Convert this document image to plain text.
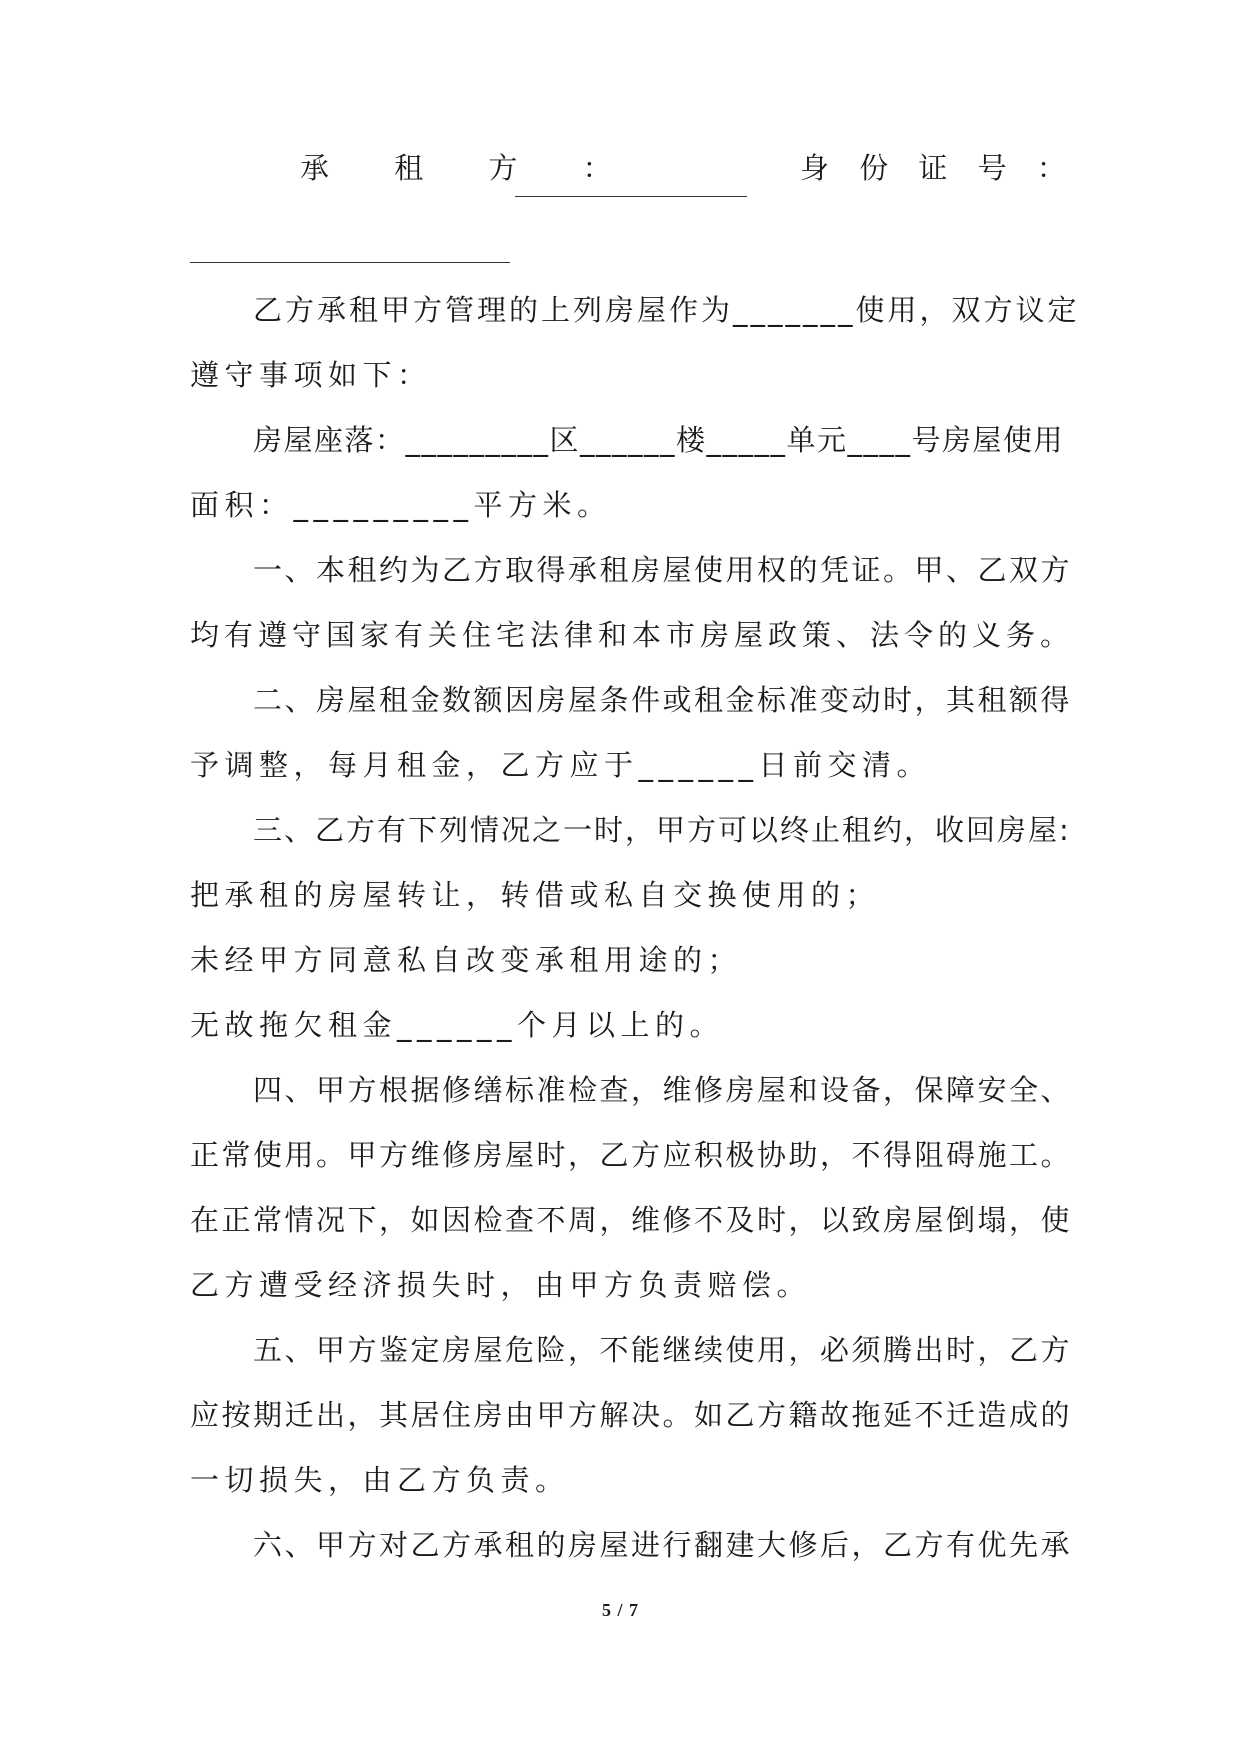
承 租 方 ：	身 份 证 号 ：
乙方承租甲方管理的上列房屋作为_______使用，双方议定
遵守事项如下：
房屋座落：_________区______楼_____单元____号房屋使用
面积：_________平方米。
一、本租约为乙方取得承租房屋使用权的凭证。甲、乙双方
均有遵守国家有关住宅法律和本市房屋政策、法令的义务。
二、房屋租金数额因房屋条件或租金标准变动时，其租额得
予调整，每月租金，乙方应于______日前交清。
三、乙方有下列情况之一时，甲方可以终止租约，收回房屋:
把承租的房屋转让，转借或私自交换使用的；
未经甲方同意私自改变承租用途的；
无故拖欠租金______个月以上的。
四、甲方根据修缮标准检查，维修房屋和设备，保障安全、
正常使用。甲方维修房屋时，乙方应积极协助，不得阻碍施工。
在正常情况下，如因检查不周，维修不及时，以致房屋倒塌，使
乙方遭受经济损失时，由甲方负责赔偿。
五、甲方鉴定房屋危险，不能继续使用，必须腾出时，乙方
应按期迁出，其居住房由甲方解决。如乙方籍故拖延不迁造成的
一切损失，由乙方负责。
六、甲方对乙方承租的房屋进行翻建大修后，乙方有优先承
5 / 7
